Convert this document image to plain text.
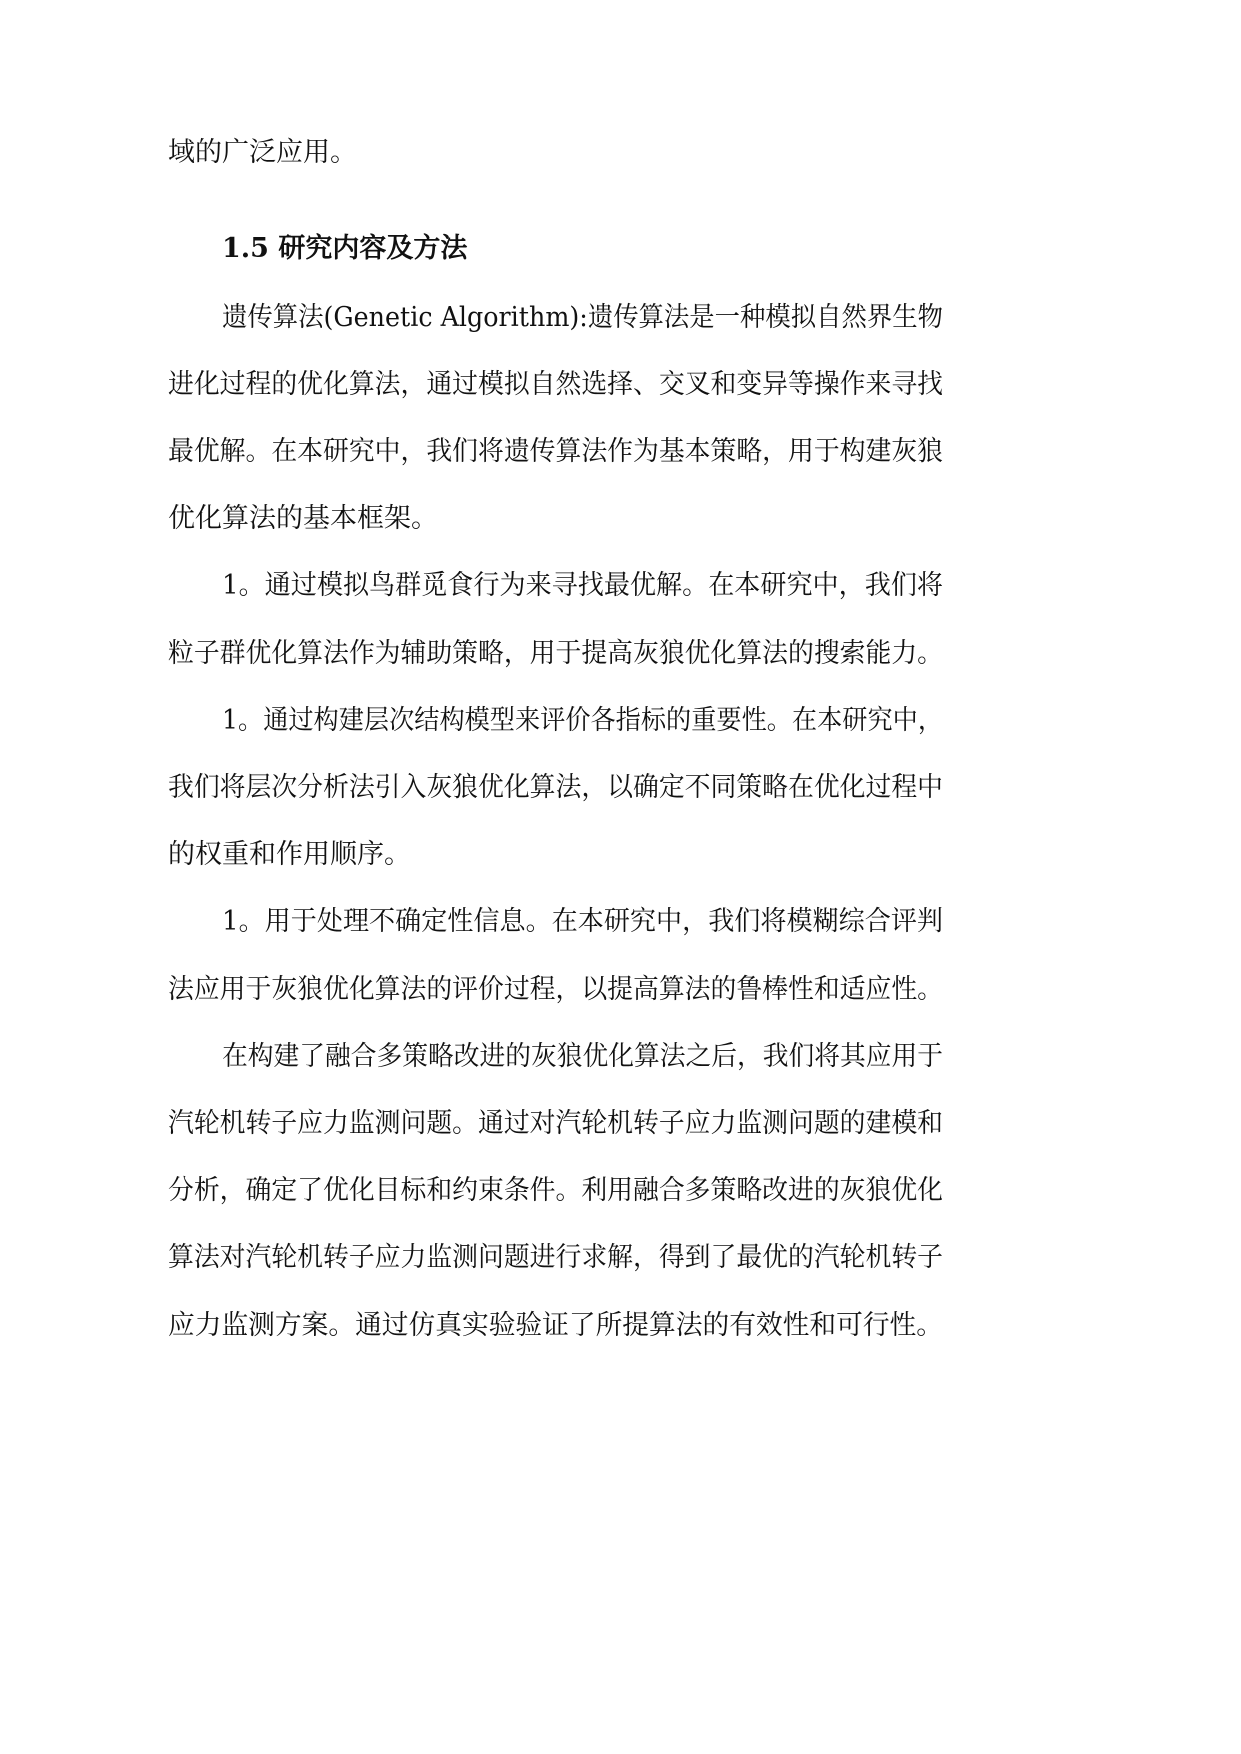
域的广泛应用。
1.5 研究内容及方法
遗传算法(Genetic Algorithm):遗传算法是一种模拟自然界生物
进化过程的优化算法，通过模拟自然选择、交叉和变异等操作来寻找
最优解。在本研究中，我们将遗传算法作为基本策略，用于构建灰狼
优化算法的基本框架。
1。通过模拟鸟群觅食行为来寻找最优解。在本研究中，我们将
粒子群优化算法作为辅助策略，用于提高灰狼优化算法的搜索能力。
1。通过构建层次结构模型来评价各指标的重要性。在本研究中，
我们将层次分析法引入灰狼优化算法，以确定不同策略在优化过程中
的权重和作用顺序。
1。用于处理不确定性信息。在本研究中，我们将模糊综合评判
法应用于灰狼优化算法的评价过程，以提高算法的鲁棒性和适应性。
在构建了融合多策略改进的灰狼优化算法之后，我们将其应用于
汽轮机转子应力监测问题。通过对汽轮机转子应力监测问题的建模和
分析，确定了优化目标和约束条件。利用融合多策略改进的灰狼优化
算法对汽轮机转子应力监测问题进行求解，得到了最优的汽轮机转子
应力监测方案。通过仿真实验验证了所提算法的有效性和可行性。
